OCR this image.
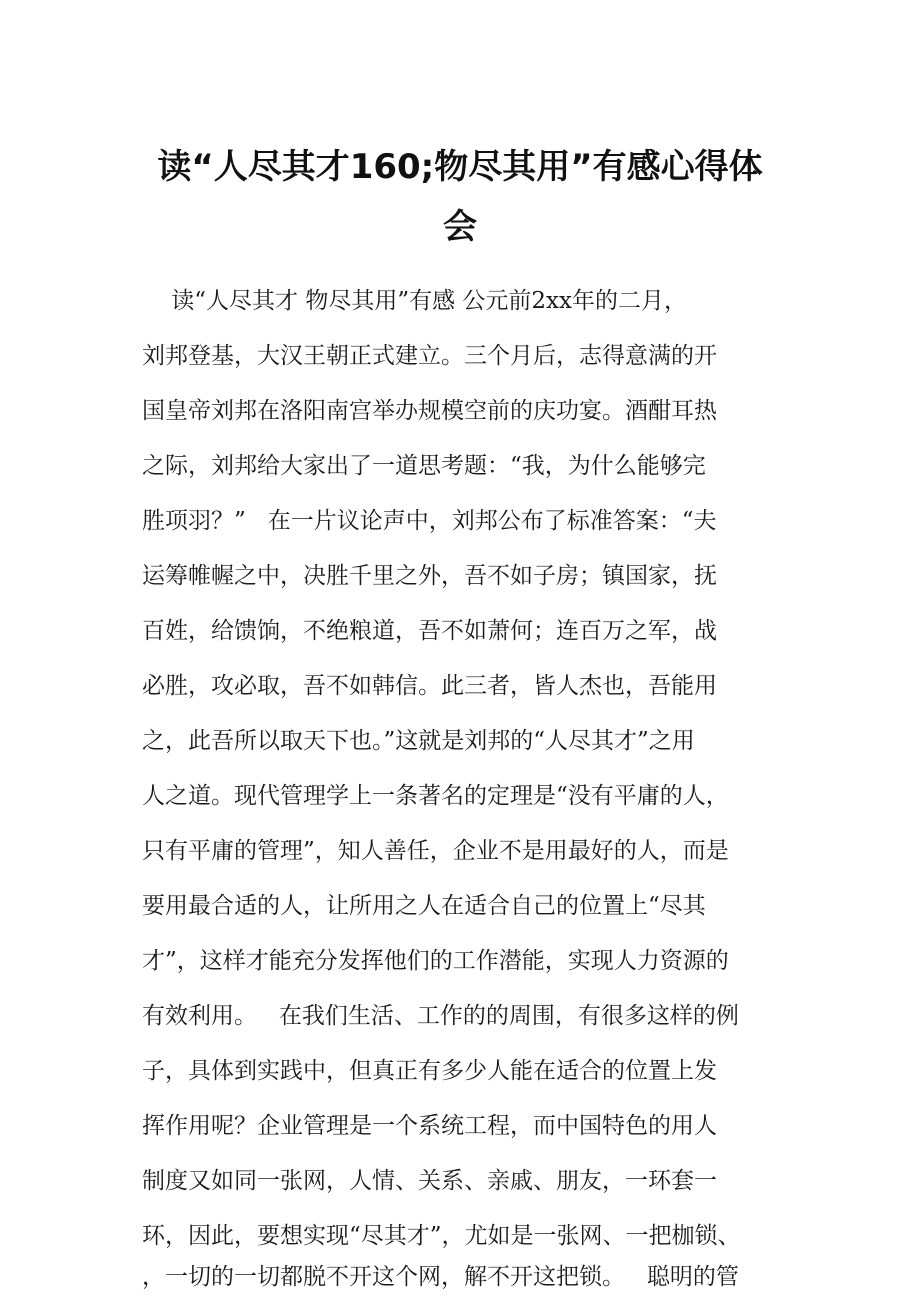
读“人尽其才160;物尽其用”有感心得体
会
读“人尽其才 物尽其用”有感 公元前2xx年的二月，
刘邦登基，大汉王朝正式建立。三个月后，志得意满的开
国皇帝刘邦在洛阳南宫举办规模空前的庆功宴。酒酣耳热
之际，刘邦给大家出了一道思考题：“我，为什么能够完
胜项羽？”   在一片议论声中，刘邦公布了标准答案：“夫
运筹帷幄之中，决胜千里之外，吾不如子房；镇国家，抚
百姓，给馈饷，不绝粮道，吾不如萧何；连百万之军，战
必胜，攻必取，吾不如韩信。此三者，皆人杰也，吾能用
之，此吾所以取天下也。”这就是刘邦的“人尽其才”之用
人之道。现代管理学上一条著名的定理是“没有平庸的人，
只有平庸的管理”，知人善任，企业不是用最好的人，而是
要用最合适的人，让所用之人在适合自己的位置上“尽其
才”，这样才能充分发挥他们的工作潜能，实现人力资源的
有效利用。   在我们生活、工作的的周围，有很多这样的例
子，具体到实践中，但真正有多少人能在适合的位置上发
挥作用呢？企业管理是一个系统工程，而中国特色的用人
制度又如同一张网，人情、关系、亲戚、朋友，一环套一
环，因此，要想实现“尽其才”，尤如是一张网、一把枷锁、
，一切的一切都脱不开这个网，解不开这把锁。   聪明的管
